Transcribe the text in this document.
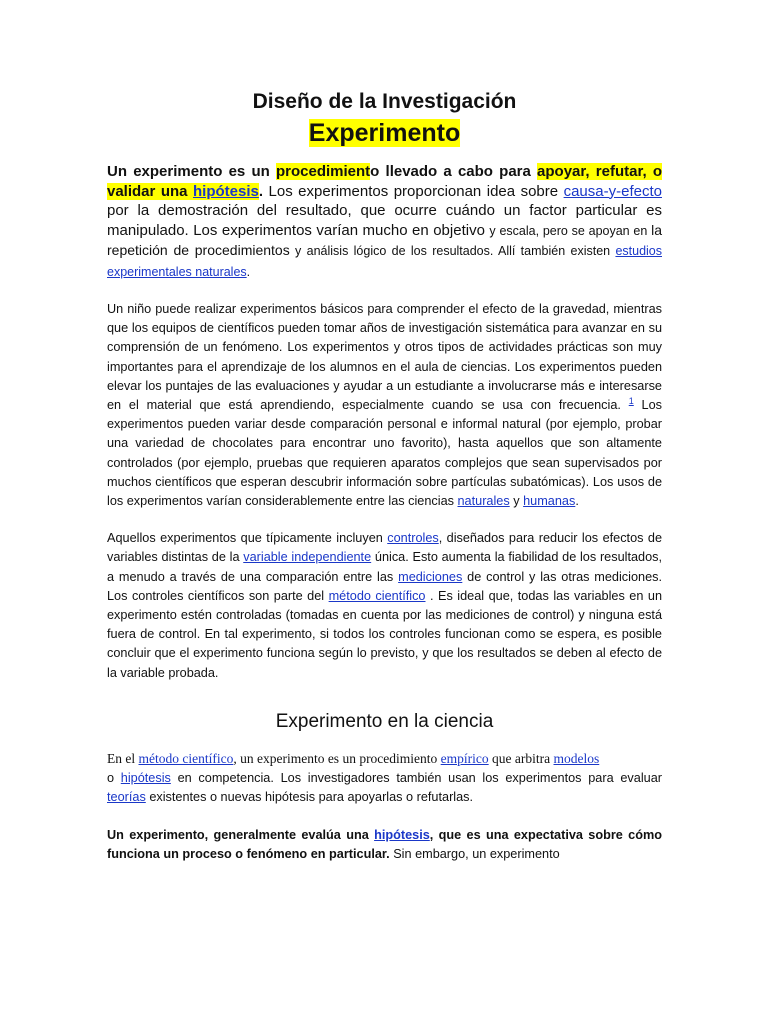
Diseño de la Investigación
Experimento

Un experimento es un procedimiento llevado a cabo para apoyar, refutar, o validar una hipótesis. Los experimentos proporcionan idea sobre causa-y-efecto por la demostración del resultado, que ocurre cuándo un factor particular es manipulado. Los experimentos varían mucho en objetivo y escala, pero se apoyan en la repetición de procedimientos y análisis lógico de los resultados. Allí también existen estudios experimentales naturales.

Un niño puede realizar experimentos básicos para comprender el efecto de la gravedad, mientras que los equipos de científicos pueden tomar años de investigación sistemática para avanzar en su comprensión de un fenómeno. Los experimentos y otros tipos de actividades prácticas son muy importantes para el aprendizaje de los alumnos en el aula de ciencias. Los experimentos pueden elevar los puntajes de las evaluaciones y ayudar a un estudiante a involucrarse más e interesarse en el material que está aprendiendo, especialmente cuando se usa con frecuencia. $^1$ Los experimentos pueden variar desde comparación personal e informal natural (por ejemplo, probar una variedad de chocolates para encontrar uno favorito), hasta aquellos que son altamente controlados (por ejemplo, pruebas que requieren aparatos complejos que sean supervisados por muchos científicos que esperan descubrir información sobre partículas subatómicas). Los usos de los experimentos varían considerablemente entre las ciencias naturales y humanas.

Aquellos experimentos que típicamente incluyen controles, diseñados para reducir los efectos de variables distintas de la variable independiente única. Esto aumenta la fiabilidad de los resultados, a menudo a través de una comparación entre las mediciones de control y las otras mediciones. Los controles científicos son parte del método científico . Es ideal que, todas las variables en un experimento estén controladas (tomadas en cuenta por las mediciones de control) y ninguna está fuera de control. En tal experimento, si todos los controles funcionan como se espera, es posible concluir que el experimento funciona según lo previsto, y que los resultados se deben al efecto de la variable probada.

Experimento en la ciencia

En el método científico, un experimento es un procedimiento empírico que arbitra modelos
o hipótesis en competencia. Los investigadores también usan los experimentos para evaluar teorías existentes o nuevas hipótesis para apoyarlas o refutarlas.

Un experimento, generalmente evalúa una hipótesis, que es una expectativa sobre cómo funciona un proceso o fenómeno en particular. Sin embargo, un experimento
